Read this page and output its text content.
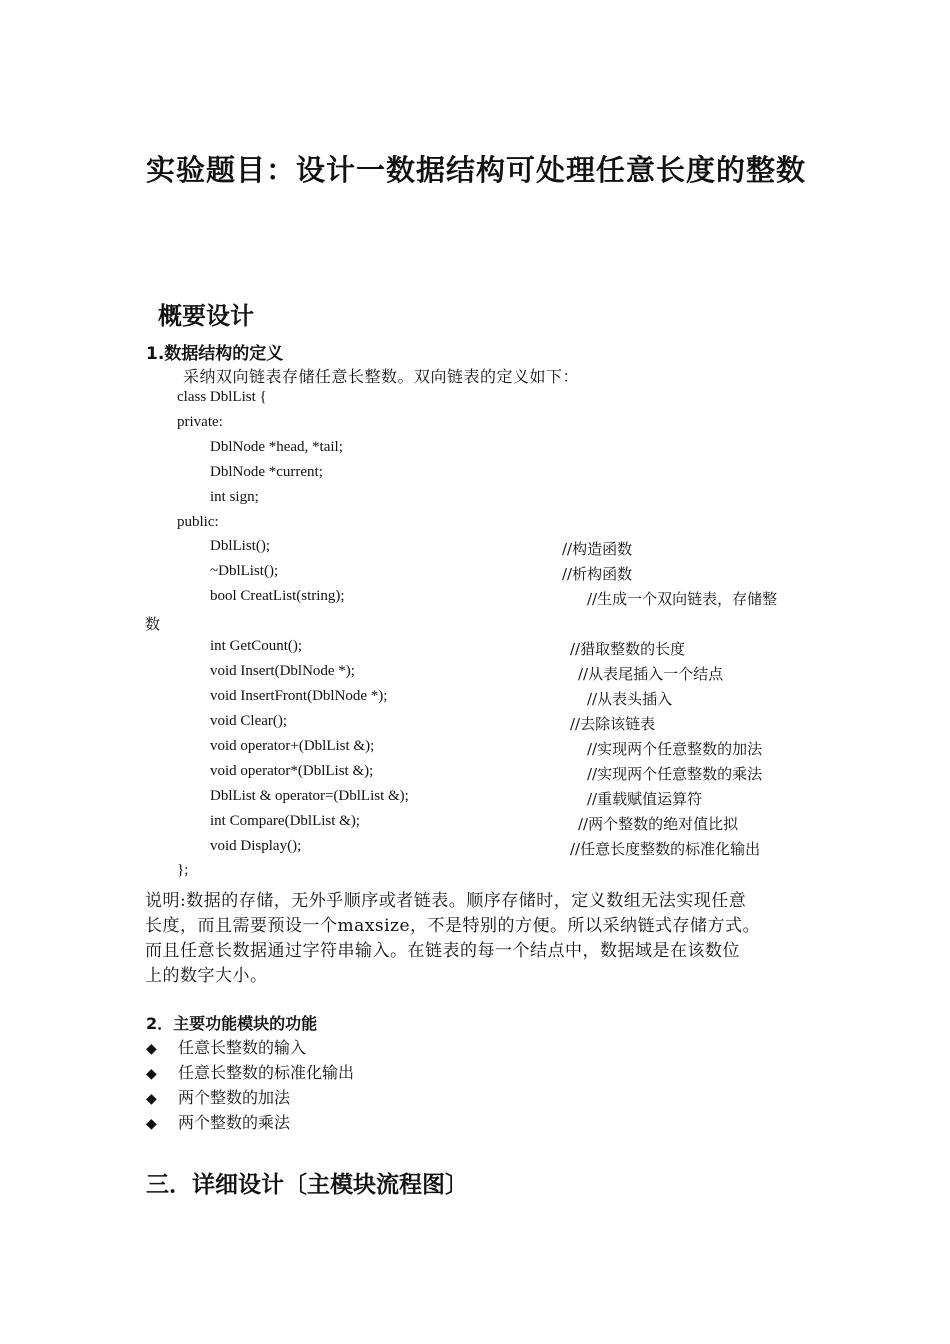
实验题目：设计一数据结构可处理任意长度的整数
概要设计
1.数据结构的定义
采纳双向链表存储任意长整数。双向链表的定义如下：
class DblList {
private:
DblNode *head, *tail;
DblNode *current;
int sign;
public:
DblList();	//构造函数
~DblList();	//析构函数
bool CreatList(string);	//生成一个双向链表，存储整
数
int GetCount();	//猎取整数的长度
void Insert(DblNode *);	//从表尾插入一个结点
void InsertFront(DblNode *);	//从表头插入
void Clear();	//去除该链表
void operator+(DblList &);	//实现两个任意整数的加法
void operator*(DblList &);	//实现两个任意整数的乘法
DblList & operator=(DblList &);	//重载赋值运算符
int Compare(DblList &);	//两个整数的绝对值比拟
void Display();	//任意长度整数的标准化输出
};
说明:数据的存储，无外乎顺序或者链表。顺序存储时，定义数组无法实现任意
长度，而且需要预设一个maxsize，不是特别的方便。所以采纳链式存储方式。
而且任意长数据通过字符串输入。在链表的每一个结点中，数据域是在该数位
上的数字大小。
2．主要功能模块的功能
◆ 任意长整数的输入
◆ 任意长整数的标准化输出
◆ 两个整数的加法
◆ 两个整数的乘法
三．详细设计〔主模块流程图〕
